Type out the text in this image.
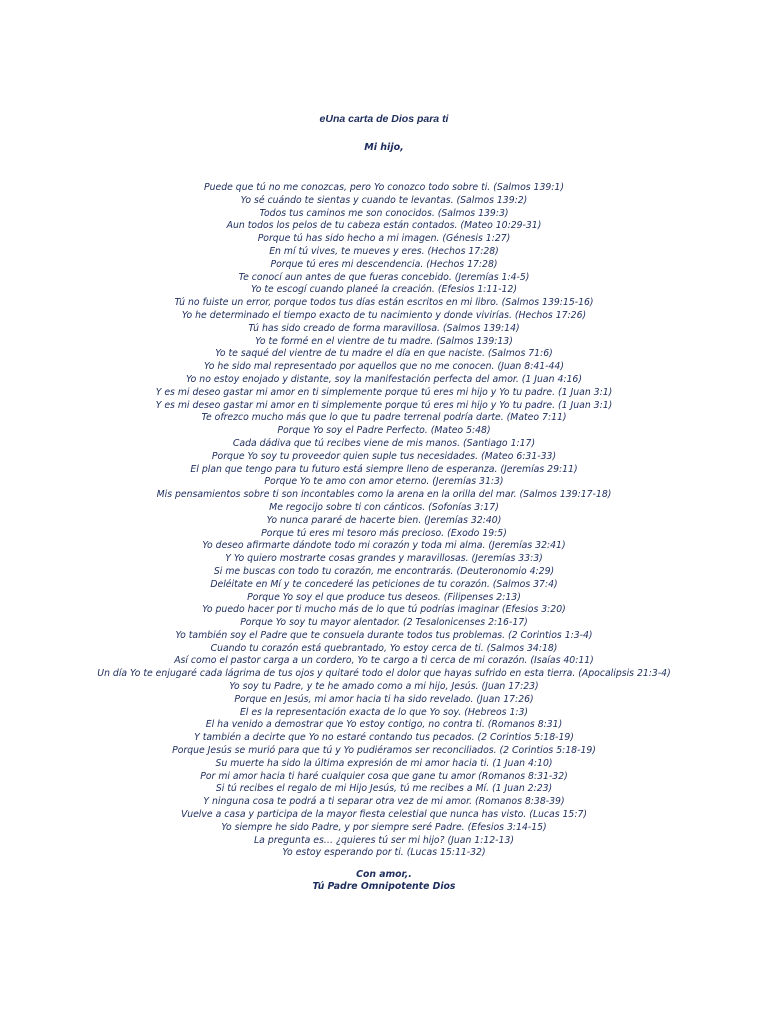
eUna carta de Dios para ti
Mi hijo,
Puede que tú no me conozcas, pero Yo conozco todo sobre ti. (Salmos 139:1)
Yo sé cuándo te sientas y cuando te levantas. (Salmos 139:2)
Todos tus caminos me son conocidos. (Salmos 139:3)
Aun todos los pelos de tu cabeza están contados. (Mateo 10:29-31)
Porque tú has sido hecho a mi imagen. (Génesis 1:27)
En mí tú vives, te mueves y eres. (Hechos 17:28)
Porque tú eres mi descendencia. (Hechos 17:28)
Te conocí aun antes de que fueras concebido. (Jeremías 1:4-5)
Yo te escogí cuando planeé la creación. (Efesios 1:11-12)
Tú no fuiste un error, porque todos tus días están escritos en mi libro. (Salmos 139:15-16)
Yo he determinado el tiempo exacto de tu nacimiento y donde vivirías. (Hechos 17:26)
Tú has sido creado de forma maravillosa. (Salmos 139:14)
Yo te formé en el vientre de tu madre. (Salmos 139:13)
Yo te saqué del vientre de tu madre el día en que naciste. (Salmos 71:6)
Yo he sido mal representado por aquellos que no me conocen. (Juan 8:41-44)
Yo no estoy enojado y distante, soy la manifestación perfecta del amor. (1 Juan 4:16)
Y es mi deseo gastar mi amor en ti simplemente porque tú eres mi hijo y Yo tu padre. (1 Juan 3:1)
Y es mi deseo gastar mi amor en ti simplemente porque tú eres mi hijo y Yo tu padre. (1 Juan 3:1)
Te ofrezco mucho más que lo que tu padre terrenal podría darte. (Mateo 7:11)
Porque Yo soy el Padre Perfecto. (Mateo 5:48)
Cada dádiva que tú recibes viene de mis manos. (Santiago 1:17)
Porque Yo soy tu proveedor quien suple tus necesidades. (Mateo 6:31-33)
El plan que tengo para tu futuro está siempre lleno de esperanza. (Jeremías 29:11)
Porque Yo te amo con amor eterno. (Jeremías 31:3)
Mis pensamientos sobre ti son incontables como la arena en la orilla del mar. (Salmos 139:17-18)
Me regocijo sobre ti con cánticos. (Sofonías 3:17)
Yo nunca pararé de hacerte bien. (Jeremías 32:40)
Porque tú eres mi tesoro más precioso. (Éxodo 19:5)
Yo deseo afirmarte dándote todo mi corazón y toda mi alma. (Jeremías 32:41)
Y Yo quiero mostrarte cosas grandes y maravillosas. (Jeremías 33:3)
Si me buscas con todo tu corazón, me encontrarás. (Deuteronomio 4:29)
Deléitate en Mí y te concederé las peticiones de tu corazón. (Salmos 37:4)
Porque Yo soy el que produce tus deseos. (Filipenses 2:13)
Yo puedo hacer por ti mucho más de lo que tú podrías imaginar (Efesios 3:20)
Porque Yo soy tu mayor alentador. (2 Tesalonicenses 2:16-17)
Yo también soy el Padre que te consuela durante todos tus problemas. (2 Corintios 1:3-4)
Cuando tu corazón está quebrantado, Yo estoy cerca de ti. (Salmos 34:18)
Así como el pastor carga a un cordero, Yo te cargo a ti cerca de mi corazón. (Isaías 40:11)
Un día Yo te enjugaré cada lágrima de tus ojos y quitaré todo el dolor que hayas sufrido en esta tierra. (Apocalipsis 21:3-4)
Yo soy tu Padre, y te he amado como a mi hijo, Jesús. (Juan 17:23)
Porque en Jesús, mi amor hacia ti ha sido revelado. (Juan 17:26)
Él es la representación exacta de lo que Yo soy. (Hebreos 1:3)
Él ha venido a demostrar que Yo estoy contigo, no contra ti. (Romanos 8:31)
Y también a decirte que Yo no estaré contando tus pecados. (2 Corintios 5:18-19)
Porque Jesús se murió para que tú y Yo pudiéramos ser reconciliados. (2 Corintios 5:18-19)
Su muerte ha sido la última expresión de mi amor hacia ti. (1 Juan 4:10)
Por mi amor hacia ti haré cualquier cosa que gane tu amor (Romanos 8:31-32)
Si tú recibes el regalo de mi Hijo Jesús, tú me recibes a Mí. (1 Juan 2:23)
Y ninguna cosa te podrá a ti separar otra vez de mi amor. (Romanos 8:38-39)
Vuelve a casa y participa de la mayor fiesta celestial que nunca has visto. (Lucas 15:7)
Yo siempre he sido Padre, y por siempre seré Padre. (Efesios 3:14-15)
La pregunta es… ¿quieres tú ser mi hijo? (Juan 1:12-13)
Yo estoy esperando por ti. (Lucas 15:11-32)
Con amor,.
Tú Padre Omnipotente Dios
